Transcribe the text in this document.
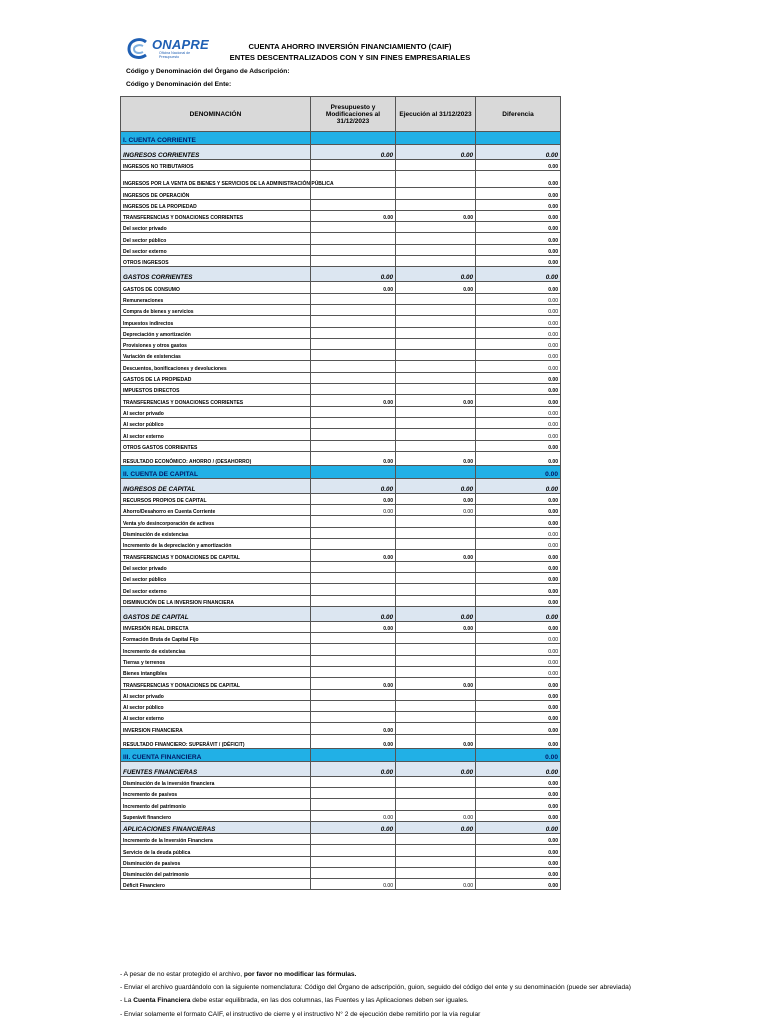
ONAPRE
Oficina Nacional de Presupuesto
CUENTA AHORRO INVERSIÓN FINANCIAMIENTO (CAIF)
ENTES DESCENTRALIZADOS CON Y SIN FINES EMPRESARIALES
Código y Denominación del Órgano de Adscripción:
Código y Denominación del Ente:
DENOMINACIÓN	Presupuesto y Modificaciones al 31/12/2023	Ejecución al 31/12/2023	Diferencia
I. CUENTA CORRIENTE			
INGRESOS CORRIENTES	0.00	0.00	0.00
INGRESOS NO TRIBUTARIOS			0.00
INGRESOS POR LA VENTA DE BIENES Y SERVICIOS DE LA ADMINISTRACIÓN PÚBLICA			0.00
INGRESOS DE OPERACIÓN			0.00
INGRESOS DE LA PROPIEDAD			0.00
TRANSFERENCIAS Y DONACIONES CORRIENTES	0.00	0.00	0.00
Del sector privado			0.00
Del sector público			0.00
Del sector externo			0.00
OTROS INGRESOS			0.00
GASTOS CORRIENTES	0.00	0.00	0.00
GASTOS DE CONSUMO	0.00	0.00	0.00
Remuneraciones			0.00
Compra de bienes y servicios			0.00
Impuestos indirectos			0.00
Depreciación y amortización			0.00
Provisiones y otros gastos			0.00
Variación de existencias			0.00
Descuentos, bonificaciones y devoluciones			0.00
GASTOS DE LA PROPIEDAD			0.00
IMPUESTOS DIRECTOS			0.00
TRANSFERENCIAS Y DONACIONES CORRIENTES	0.00	0.00	0.00
Al sector privado			0.00
Al sector público			0.00
Al sector externo			0.00
OTROS GASTOS CORRIENTES			0.00
RESULTADO ECONÓMICO: AHORRO / (DESAHORRO)	0.00	0.00	0.00
II. CUENTA DE CAPITAL			0.00
INGRESOS DE CAPITAL	0.00	0.00	0.00
RECURSOS PROPIOS DE CAPITAL	0.00	0.00	0.00
Ahorro/Desahorro en Cuenta Corriente	0.00	0.00	0.00
Venta y/o desincorporación de activos			0.00
Disminución de existencias			0.00
Incremento de la depreciación y amortización			0.00
TRANSFERENCIAS Y DONACIONES DE CAPITAL	0.00	0.00	0.00
Del sector privado			0.00
Del sector público			0.00
Del sector externo			0.00
DISMINUCIÓN DE LA INVERSION FINANCIERA			0.00
GASTOS DE CAPITAL	0.00	0.00	0.00
INVERSIÓN REAL DIRECTA	0.00	0.00	0.00
Formación Bruta de Capital Fijo			0.00
Incremento de existencias			0.00
Tierras y terrenos			0.00
Bienes intangibles			0.00
TRANSFERENCIAS Y DONACIONES DE CAPITAL	0.00	0.00	0.00
Al sector privado			0.00
Al sector público			0.00
Al sector externo			0.00
INVERSION FINANCIERA	0.00		0.00
RESULTADO FINANCIERO: SUPERÁVIT / (DÉFICIT)	0.00	0.00	0.00
III. CUENTA FINANCIERA			0.00
FUENTES FINANCIERAS	0.00	0.00	0.00
Disminución de la inversión financiera			0.00
Incremento de pasivos			0.00
Incremento del patrimonio			0.00
Superávit financiero	0.00	0.00	0.00
APLICACIONES FINANCIERAS	0.00	0.00	0.00
Incremento de la Inversión Financiera			0.00
Servicio de la deuda pública			0.00
Disminución de pasivos			0.00
Disminución del patrimonio			0.00
Déficit Financiero	0.00	0.00	0.00
- A pesar de no estar protegido el archivo, por favor no modificar las fórmulas.
- Enviar el archivo guardándolo con la siguiente nomenclatura: Código del Órgano de adscripción, guion, seguido del código del ente y su denominación (puede ser abreviada)
- La Cuenta Financiera debe estar equilibrada, en las dos columnas, las Fuentes y las Aplicaciones deben ser iguales.
- Enviar solamente el formato CAIF, el instructivo de cierre y el instructivo N° 2 de ejecución debe remitirlo por la vía regular
